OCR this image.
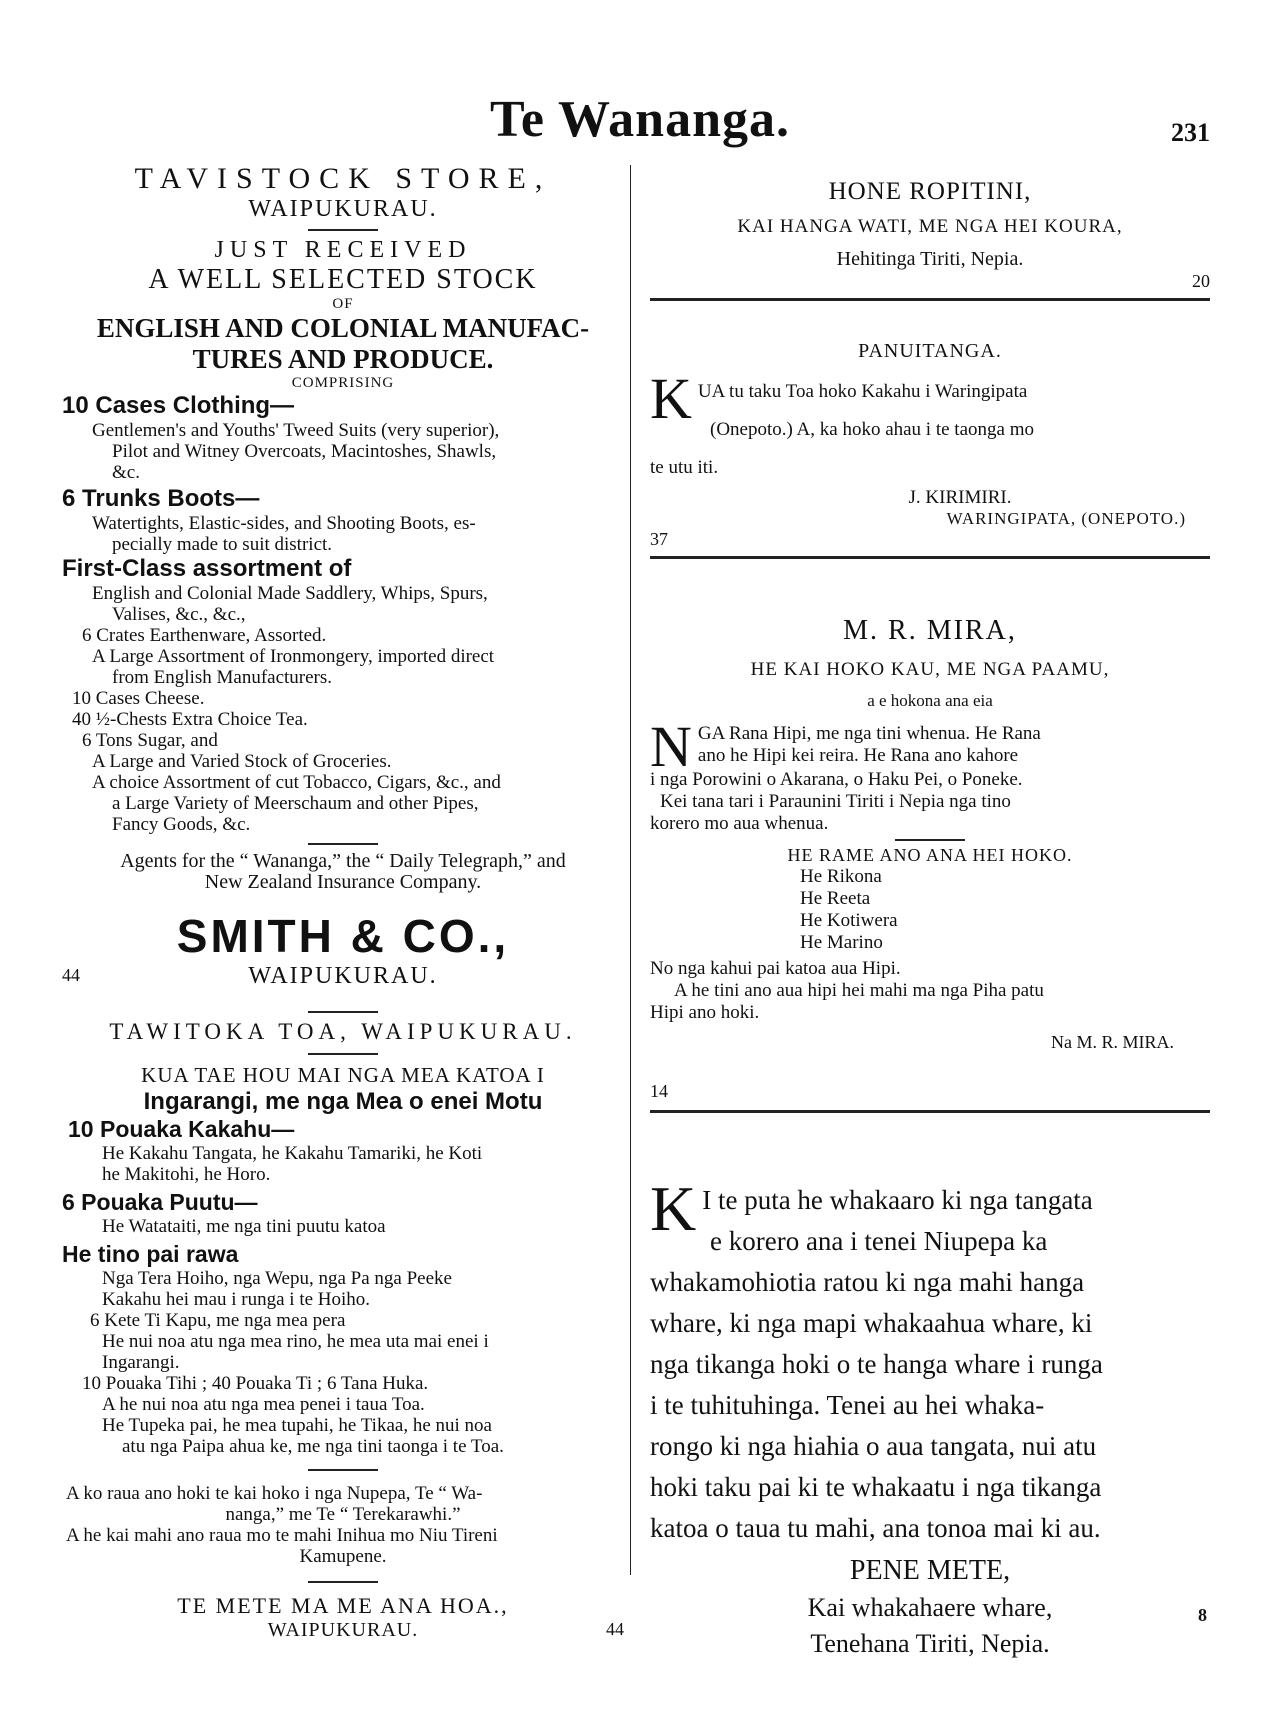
Te Wananga.	231

TAVISTOCK STORE,

WAIPUKURAU.

JUST RECEIVED

A WELL SELECTED STOCK

OF

ENGLISH AND COLONIAL MANUFAC-

TURES AND PRODUCE.

COMPRISING

10 Cases Clothing—

Gentlemen's and Youths' Tweed Suits (very superior),

Pilot and Witney Overcoats, Macintoshes, Shawls,

&c.

6 Trunks Boots—

Watertights, Elastic-sides, and Shooting Boots, es-

pecially made to suit district.

First-Class assortment of

English and Colonial Made Saddlery, Whips, Spurs,

Valises, &c., &c.,

6 Crates Earthenware, Assorted.

A Large Assortment of Ironmongery, imported direct

from English Manufacturers.

10 Cases Cheese.

40 ½-Chests Extra Choice Tea.

6 Tons Sugar, and

A Large and Varied Stock of Groceries.

A choice Assortment of cut Tobacco, Cigars, &c., and

a Large Variety of Meerschaum and other Pipes,

Fancy Goods, &c.

Agents for the “ Wananga,” the “ Daily Telegraph,” and

New Zealand Insurance Company.

SMITH & CO.,

44	WAIPUKURAU.

TAWITOKA TOA, WAIPUKURAU.

KUA TAE HOU MAI NGA MEA KATOA I

Ingarangi, me nga Mea o enei Motu

10 Pouaka Kakahu—

He Kakahu Tangata, he Kakahu Tamariki, he Koti

he Makitohi, he Horo.

6 Pouaka Puutu—

He Watataiti, me nga tini puutu katoa

He tino pai rawa

Nga Tera Hoiho, nga Wepu, nga Pa nga Peeke

Kakahu hei mau i runga i te Hoiho.

6 Kete Ti Kapu, me nga mea pera

He nui noa atu nga mea rino, he mea uta mai enei i

Ingarangi.

10 Pouaka Tihi ; 40 Pouaka Ti ; 6 Tana Huka.

A he nui noa atu nga mea penei i taua Toa.

He Tupeka pai, he mea tupahi, he Tikaa, he nui noa

atu nga Paipa ahua ke, me nga tini taonga i te Toa.

A ko raua ano hoki te kai hoko i nga Nupepa, Te “ Wa-

nanga,” me Te “ Terekarawhi.”

A he kai mahi ano raua mo te mahi Inihua mo Niu Tireni

Kamupene.

TE METE MA ME ANA HOA.,

WAIPUKURAU.	44

HONE ROPITINI,

KAI HANGA WATI, ME NGA HEI KOURA,

Hehitinga Tiriti, Nepia.

20

PANUITANGA.

K UA tu taku Toa hoko Kakahu i Waringipata

(Onepoto.) A, ka hoko ahau i te taonga mo

te utu iti.

J. KIRIMIRI.

WARINGIPATA, (ONEPOTO.)

37

M. R. MIRA,

HE KAI HOKO KAU, ME NGA PAAMU,

a e hokona ana eia

N GA Rana Hipi, me nga tini whenua. He Rana

ano he Hipi kei reira. He Rana ano kahore

i nga Porowini o Akarana, o Haku Pei, o Poneke.

Kei tana tari i Paraunini Tiriti i Nepia nga tino

korero mo aua whenua.

HE RAME ANO ANA HEI HOKO.

He Rikona

He Reeta

He Kotiwera

He Marino

No nga kahui pai katoa aua Hipi.

A he tini ano aua hipi hei mahi ma nga Piha patu

Hipi ano hoki.

Na M. R. MIRA.

14

K I te puta he whakaaro ki nga tangata

e korero ana i tenei Niupepa ka

whakamohiotia ratou ki nga mahi hanga

whare, ki nga mapi whakaahua whare, ki

nga tikanga hoki o te hanga whare i runga

i te tuhituhinga. Tenei au hei whaka-

rongo ki nga hiahia o aua tangata, nui atu

hoki taku pai ki te whakaatu i nga tikanga

katoa o taua tu mahi, ana tonoa mai ki au.

PENE METE,

Kai whakahaere whare,

Tenehana Tiriti, Nepia.

8
